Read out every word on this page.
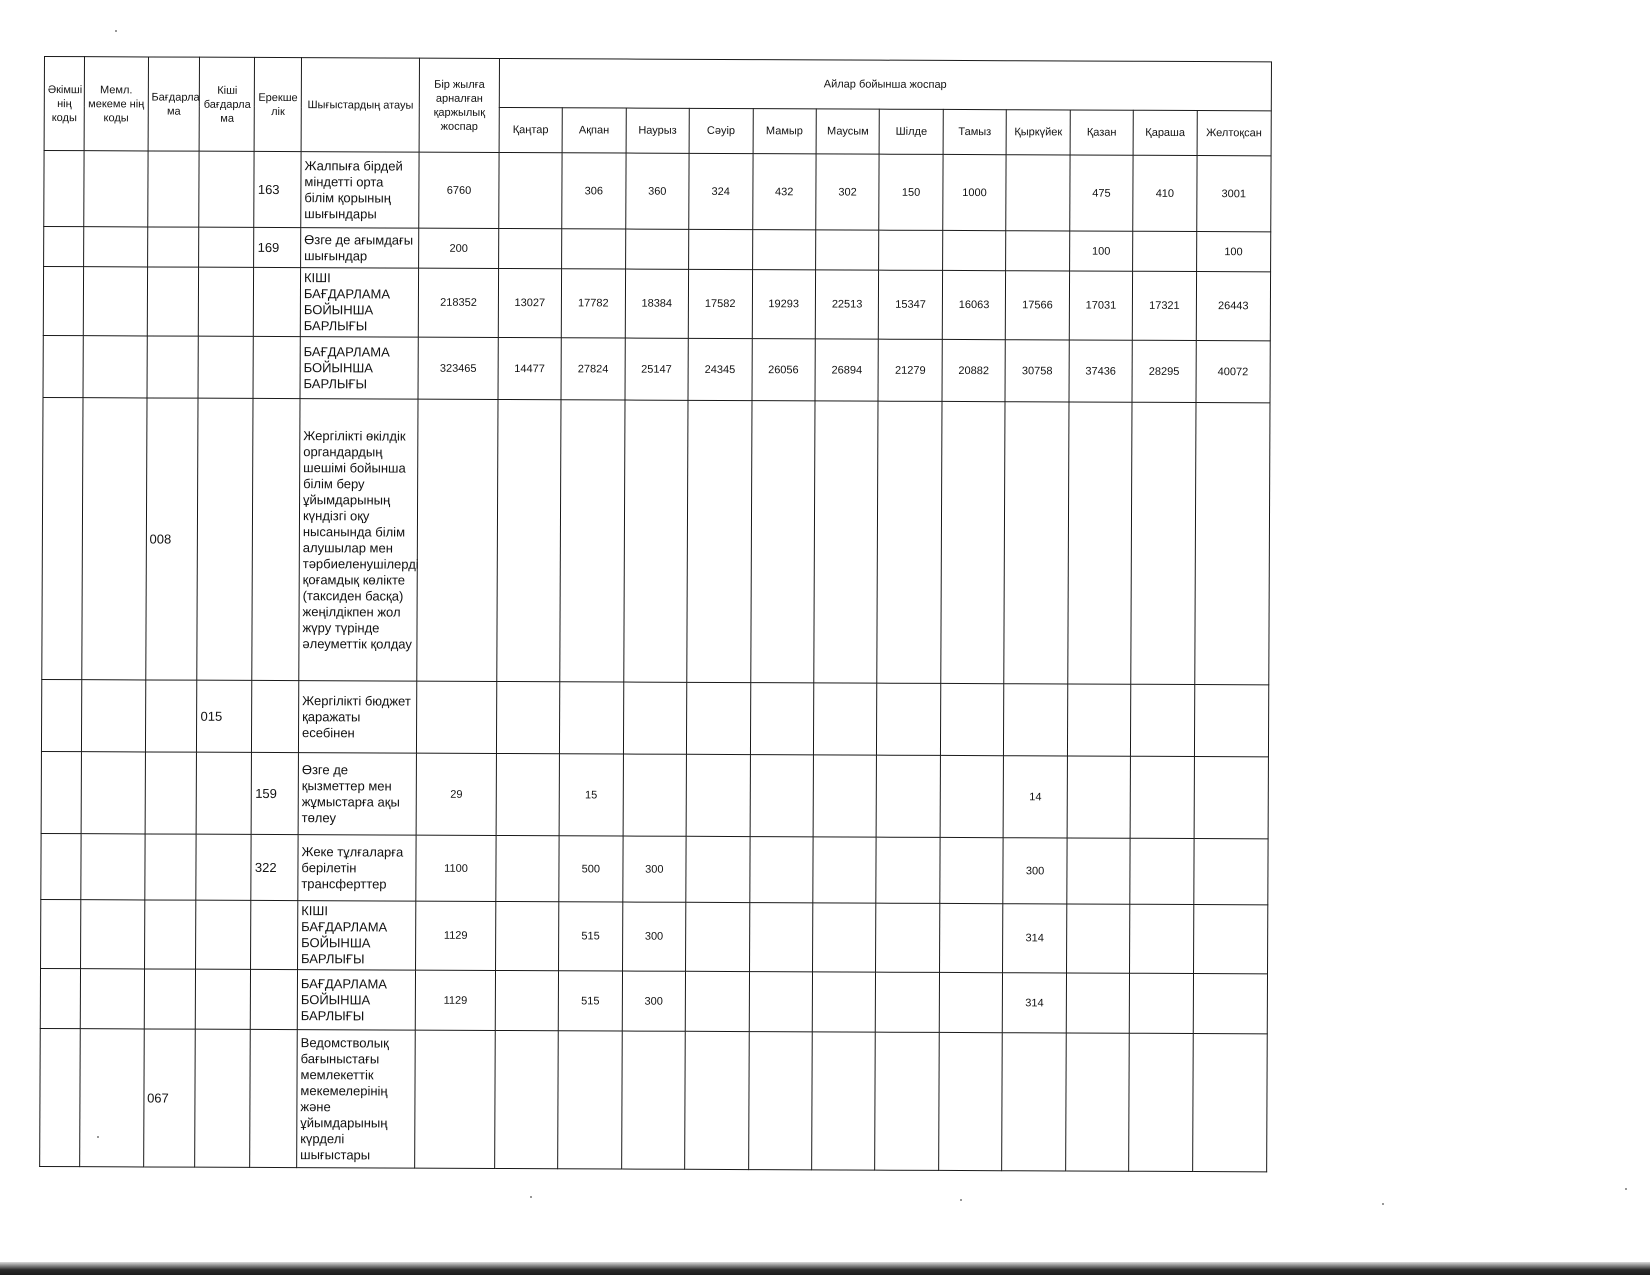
Әкімші нің коды	Мемл. мекеме нің коды	Бағдарла ма	Кіші бағдарла ма	Ерекше лік	Шығыстардың атауы	Бір жылға арналған қаржылық жоспар	Айлар бойынша жоспар											
							Қаңтар	Ақпан	Наурыз	Сәуір	Мамыр	Маусым	Шілде	Тамыз	Қыркүйек	Қазан	Қараша	Желтоқсан
				163	Жалпыға бірдей міндетті орта білім қорының шығындары	6760		306	360	324	432	302	150	1000		475	410	3001
				169	Өзге де ағымдағы шығындар	200										100		100
					КІШІ БАҒДАРЛАМА БОЙЫНША БАРЛЫҒЫ	218352	13027	17782	18384	17582	19293	22513	15347	16063	17566	17031	17321	26443
					БАҒДАРЛАМА БОЙЫНША БАРЛЫҒЫ	323465	14477	27824	25147	24345	26056	26894	21279	20882	30758	37436	28295	40072
		008			Жергілікті өкілдік органдардың шешімі бойынша білім беру ұйымдарының күндізгі оқу нысанында білім алушылар мен тәрбиеленушілерді қоғамдық көлікте (таксиден басқа) жеңілдікпен жол жүру түрінде әлеуметтік қолдау													
			015		Жергілікті бюджет қаражаты есебінен													
				159	Өзге де қызметтер мен жұмыстарға ақы төлеу	29		15							14			
				322	Жеке тұлғаларға берілетін трансферттер	1100		500	300						300			
					КІШІ БАҒДАРЛАМА БОЙЫНША БАРЛЫҒЫ	1129		515	300						314			
					БАҒДАРЛАМА БОЙЫНША БАРЛЫҒЫ	1129		515	300						314			
		067			Ведомстволық бағыныстағы мемлекеттік мекемелерінің және ұйымдарының күрделі шығыстары													
